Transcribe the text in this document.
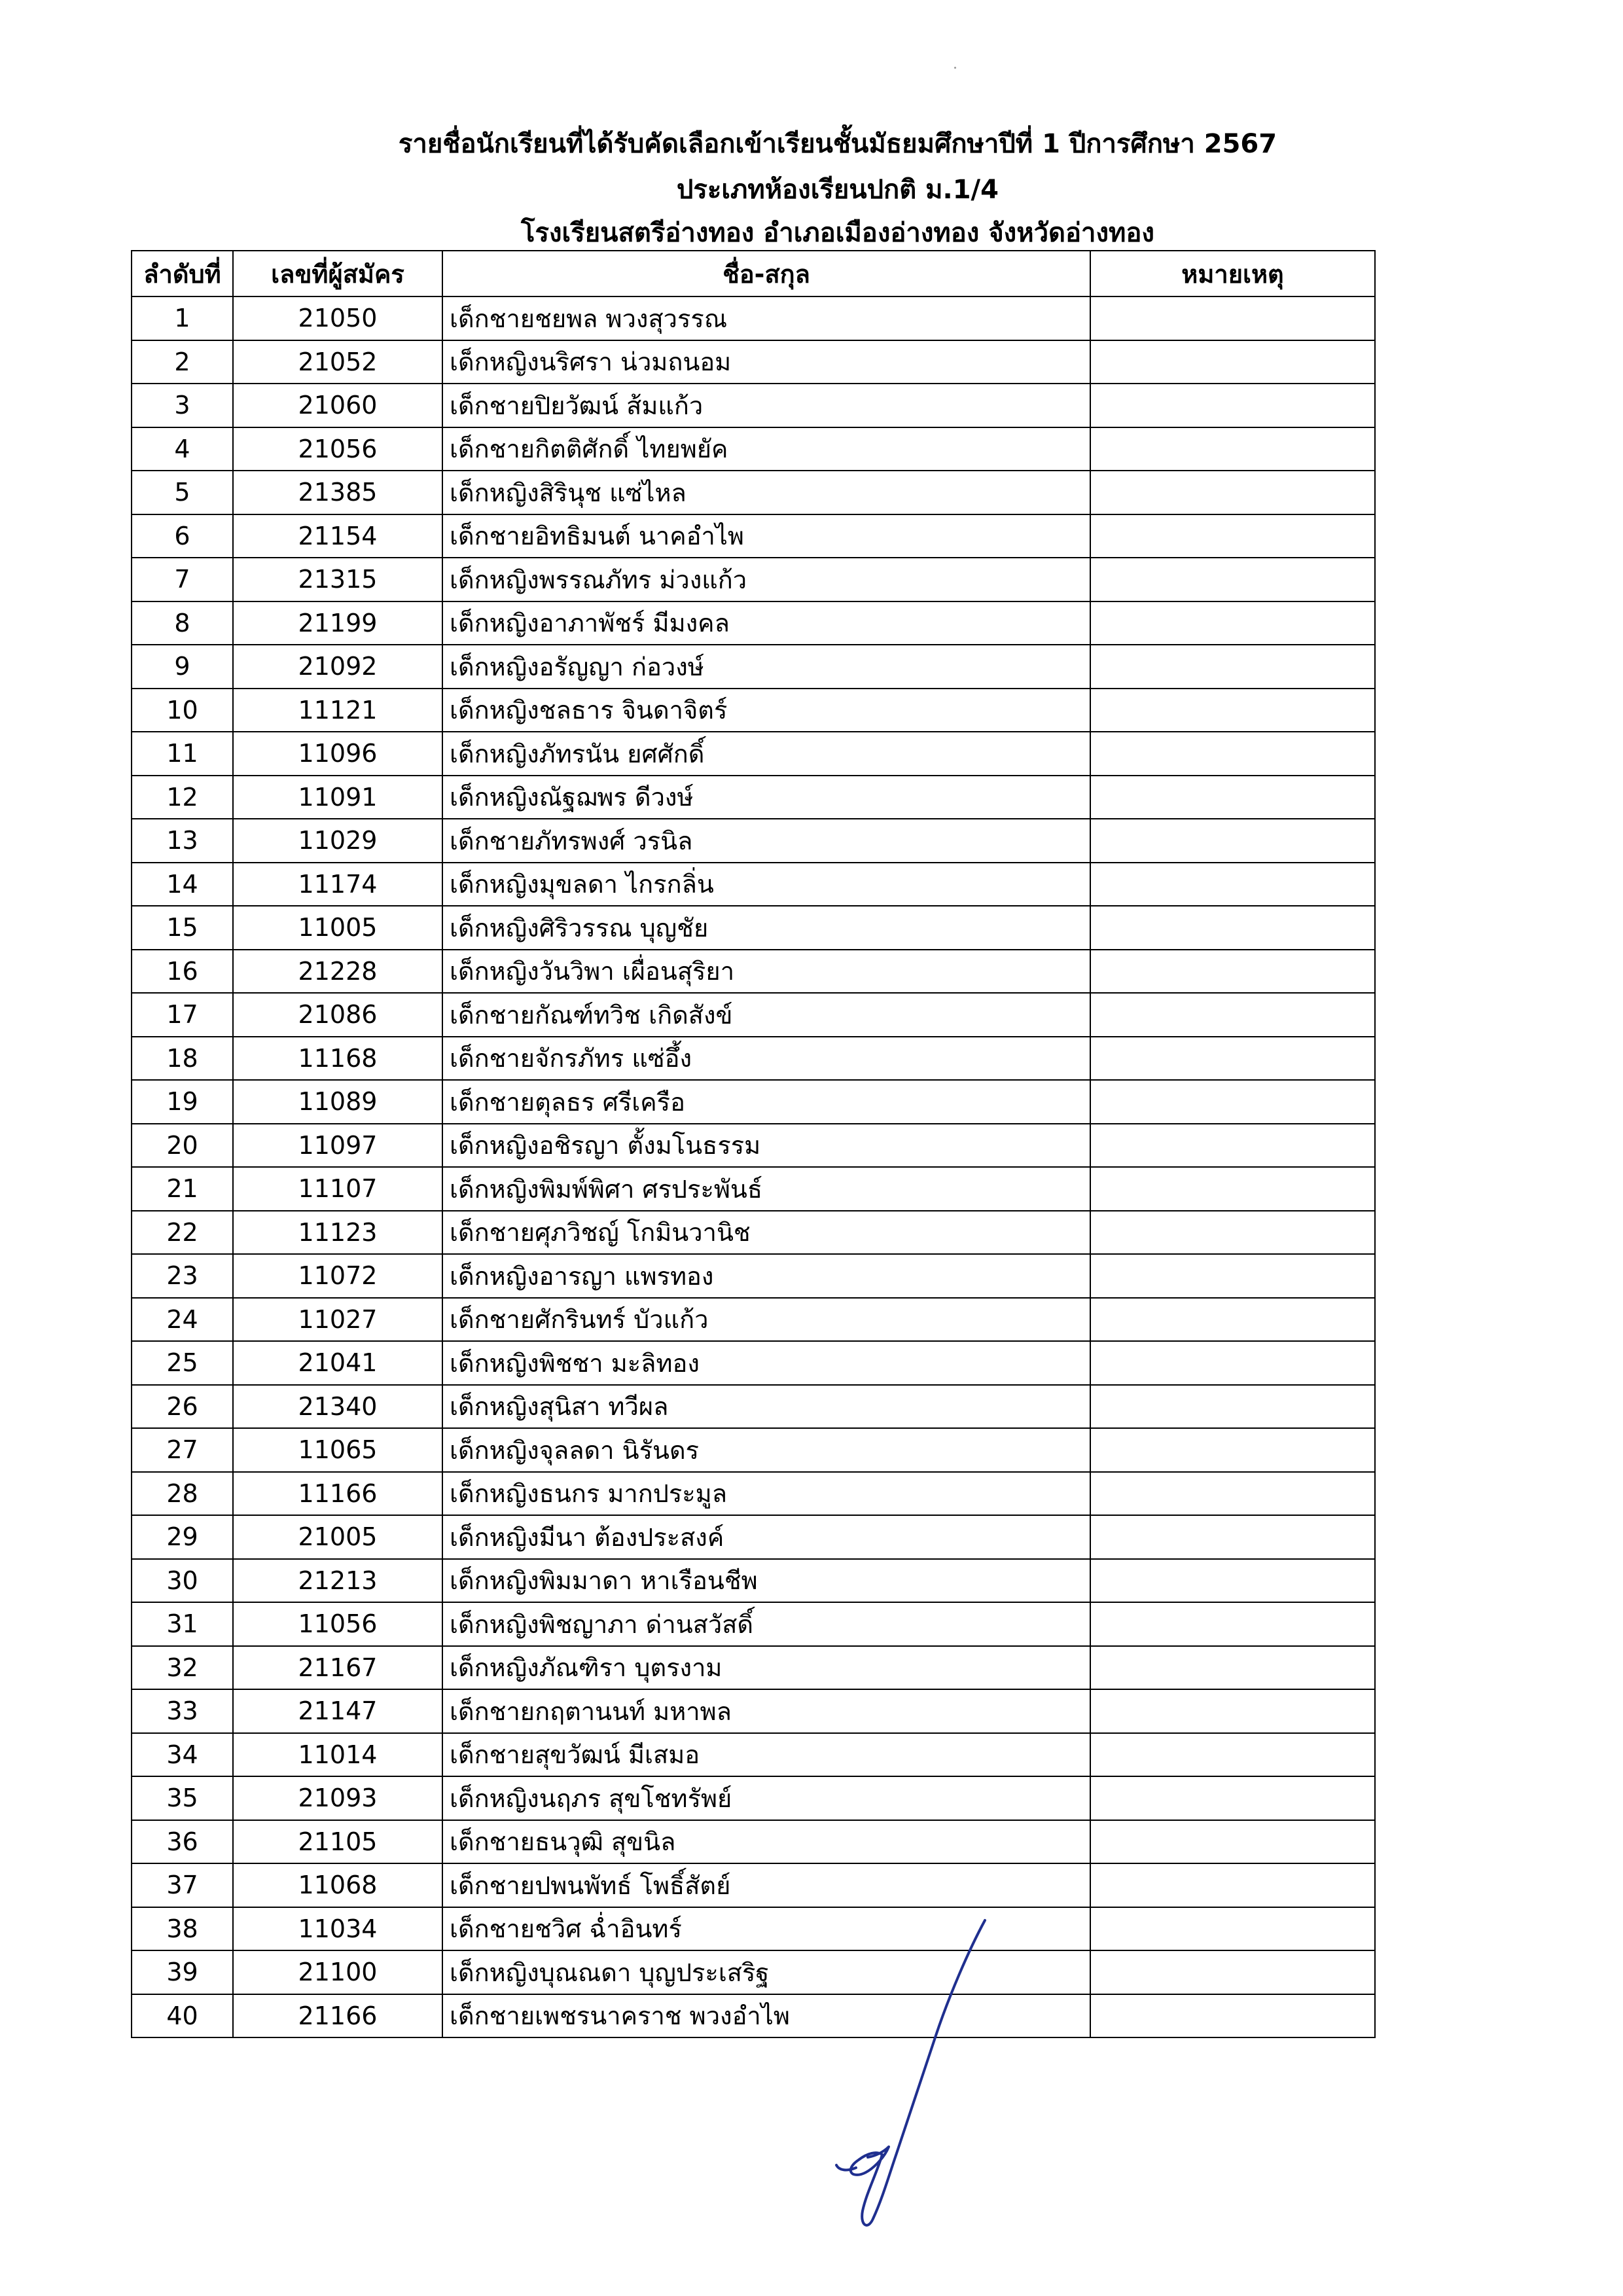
รายชื่อนักเรียนที่ได้รับคัดเลือกเข้าเรียนชั้นมัธยมศึกษาปีที่ 1 ปีการศึกษา 2567
ประเภทห้องเรียนปกติ ม.1/4
โรงเรียนสตรีอ่างทอง อำเภอเมืองอ่างทอง จังหวัดอ่างทอง
ลำดับที่	เลขที่ผู้สมัคร	ชื่อ-สกุล	หมายเหตุ
1	21050	เด็กชายชยพล พวงสุวรรณ	
2	21052	เด็กหญิงนริศรา น่วมถนอม	
3	21060	เด็กชายปิยวัฒน์ ส้มแก้ว	
4	21056	เด็กชายกิตติศักดิ์ ไทยพยัค	
5	21385	เด็กหญิงสิรินุช แซ่ไหล	
6	21154	เด็กชายอิทธิมนต์ นาคอำไพ	
7	21315	เด็กหญิงพรรณภัทร ม่วงแก้ว	
8	21199	เด็กหญิงอาภาพัชร์ มีมงคล	
9	21092	เด็กหญิงอรัญญา ก่อวงษ์	
10	11121	เด็กหญิงชลธาร จินดาจิตร์	
11	11096	เด็กหญิงภัทรนัน ยศศักดิ์	
12	11091	เด็กหญิงณัฐฌพร ดีวงษ์	
13	11029	เด็กชายภัทรพงศ์ วรนิล	
14	11174	เด็กหญิงมุขลดา ไกรกลิ่น	
15	11005	เด็กหญิงศิริวรรณ บุญชัย	
16	21228	เด็กหญิงวันวิพา เผื่อนสุริยา	
17	21086	เด็กชายกัณฑ์ทวิช เกิดสังข์	
18	11168	เด็กชายจักรภัทร แซ่อึ้ง	
19	11089	เด็กชายตุลธร ศรีเครือ	
20	11097	เด็กหญิงอชิรญา ตั้งมโนธรรม	
21	11107	เด็กหญิงพิมพ์พิศา ศรประพันธ์	
22	11123	เด็กชายศุภวิชญ์ โกมินวานิช	
23	11072	เด็กหญิงอารญา แพรทอง	
24	11027	เด็กชายศักรินทร์ บัวแก้ว	
25	21041	เด็กหญิงพิชชา มะลิทอง	
26	21340	เด็กหญิงสุนิสา ทวีผล	
27	11065	เด็กหญิงจุลลดา นิรันดร	
28	11166	เด็กหญิงธนกร มากประมูล	
29	21005	เด็กหญิงมีนา ต้องประสงค์	
30	21213	เด็กหญิงพิมมาดา หาเรือนชีพ	
31	11056	เด็กหญิงพิชญาภา ด่านสวัสดิ์	
32	21167	เด็กหญิงภัณฑิรา บุตรงาม	
33	21147	เด็กชายกฤตานนท์ มหาพล	
34	11014	เด็กชายสุขวัฒน์ มีเสมอ	
35	21093	เด็กหญิงนฤภร สุขโชทรัพย์	
36	21105	เด็กชายธนวุฒิ สุขนิล	
37	11068	เด็กชายปพนพัทธ์ โพธิ์สัตย์	
38	11034	เด็กชายชวิศ ฉ่ำอินทร์	
39	21100	เด็กหญิงบุณณดา บุญประเสริฐ	
40	21166	เด็กชายเพชรนาคราช พวงอำไพ	
